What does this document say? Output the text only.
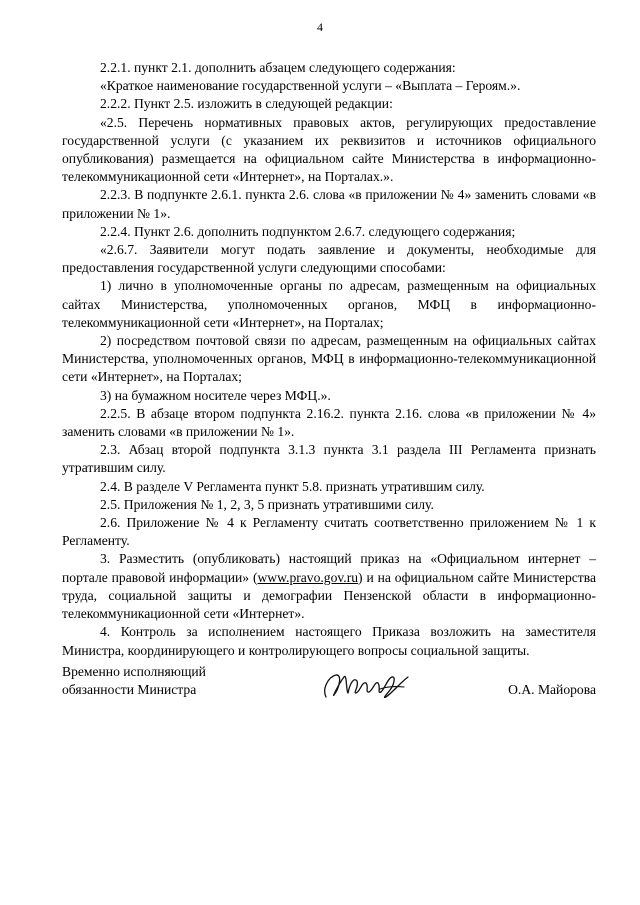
4

2.2.1. пункт 2.1. дополнить абзацем следующего содержания:

«Краткое наименование государственной услуги – «Выплата – Героям.».

2.2.2. Пункт 2.5. изложить в следующей редакции:

«2.5. Перечень нормативных правовых актов, регулирующих предоставление государственной услуги (с указанием их реквизитов и источников официального опубликования) размещается на официальном сайте Министерства в информационно-телекоммуникационной сети «Интернет», на Порталах.».

2.2.3. В подпункте 2.6.1. пункта 2.6. слова «в приложении № 4» заменить словами «в приложении № 1».

2.2.4. Пункт 2.6. дополнить подпунктом 2.6.7. следующего содержания;

«2.6.7. Заявители могут подать заявление и документы, необходимые для предоставления государственной услуги следующими способами:

1) лично в уполномоченные органы по адресам, размещенным на официальных сайтах Министерства, уполномоченных органов, МФЦ в информационно-телекоммуникационной сети «Интернет», на Порталах;

2) посредством почтовой связи по адресам, размещенным на официальных сайтах Министерства, уполномоченных органов, МФЦ в информационно-телекоммуникационной сети «Интернет», на Порталах;

3) на бумажном носителе через МФЦ.».

2.2.5. В абзаце втором подпункта 2.16.2. пункта 2.16. слова «в приложении № 4» заменить словами «в приложении № 1».

2.3. Абзац второй подпункта 3.1.3 пункта 3.1 раздела III Регламента признать утратившим силу.

2.4. В разделе V Регламента пункт 5.8. признать утратившим силу.

2.5. Приложения № 1, 2, 3, 5 признать утратившими силу.

2.6. Приложение № 4 к Регламенту считать соответственно приложением № 1 к Регламенту.

3. Разместить (опубликовать) настоящий приказ на «Официальном интернет – портале правовой информации» (www.pravo.gov.ru) и на официальном сайте Министерства труда, социальной защиты и демографии Пензенской области в информационно-телекоммуникационной сети «Интернет».

4. Контроль за исполнением настоящего Приказа возложить на заместителя Министра, координирующего и контролирующего вопросы социальной защиты.

Временно исполняющий
обязанности Министра	О.А. Майорова
